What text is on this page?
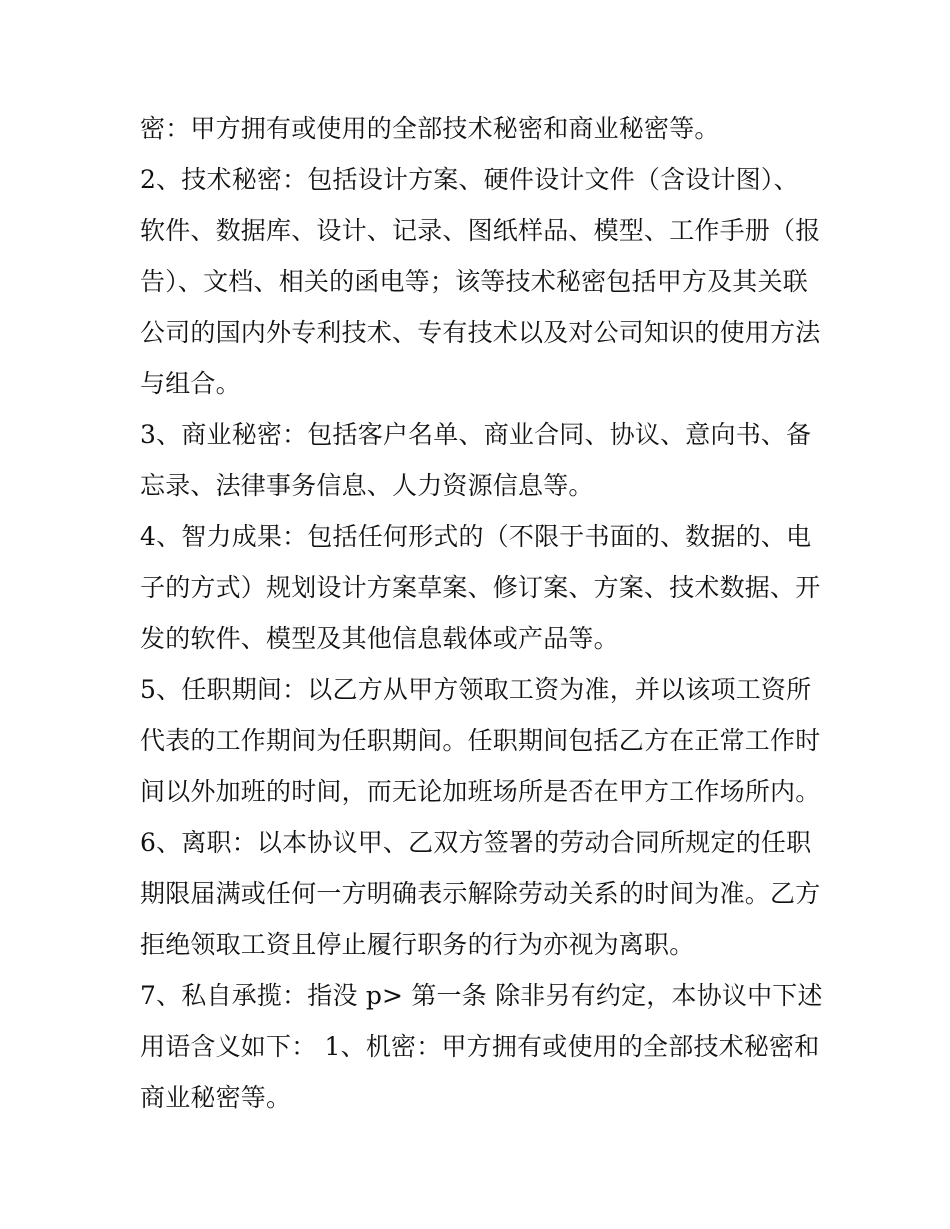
密：甲方拥有或使用的全部技术秘密和商业秘密等。
2、技术秘密：包括设计方案、硬件设计文件（含设计图）、
软件、数据库、设计、记录、图纸样品、模型、工作手册（报
告）、文档、相关的函电等；该等技术秘密包括甲方及其关联
公司的国内外专利技术、专有技术以及对公司知识的使用方法
与组合。
3、商业秘密：包括客户名单、商业合同、协议、意向书、备
忘录、法律事务信息、人力资源信息等。
4、智力成果：包括任何形式的（不限于书面的、数据的、电
子的方式）规划设计方案草案、修订案、方案、技术数据、开
发的软件、模型及其他信息载体或产品等。
5、任职期间：以乙方从甲方领取工资为准，并以该项工资所
代表的工作期间为任职期间。任职期间包括乙方在正常工作时
间以外加班的时间，而无论加班场所是否在甲方工作场所内。
6、离职：以本协议甲、乙双方签署的劳动合同所规定的任职
期限届满或任何一方明确表示解除劳动关系的时间为准。乙方
拒绝领取工资且停止履行职务的行为亦视为离职。
7、私自承揽：指没 p> 第一条 除非另有约定，本协议中下述
用语含义如下： 1、机密：甲方拥有或使用的全部技术秘密和
商业秘密等。
